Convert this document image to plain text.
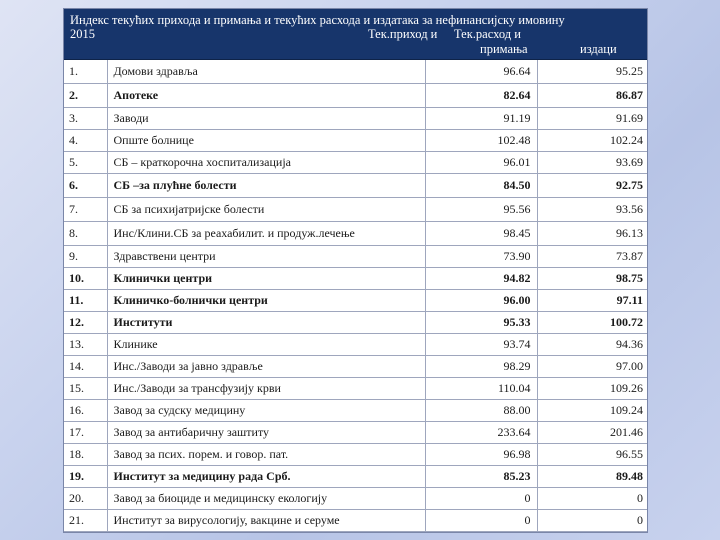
Индекс текућих прихода и примања и текућих расхода и издатака за нефинансијску имовину
2015	Тек.приход и Тек.расход и
примања	издаци
1.	Домови здравља	96.64	95.25
2.	Апотеке	82.64	86.87
3.	Заводи	91.19	91.69
4.	Опште болнице	102.48	102.24
5.	СБ – краткорочна хоспитализација	96.01	93.69
6.	СБ –за плућне болести	84.50	92.75
7.	СБ за психијатријске болести	95.56	93.56
8.	Инс/Клини.СБ за реахабилит. и продуж.лечење	98.45	96.13
9.	Здравствени центри	73.90	73.87
10.	Клинички центри	94.82	98.75
11.	Клиничко-болнички центри	96.00	97.11
12.	Институти	95.33	100.72
13.	Клинике	93.74	94.36
14.	Инс./Заводи за јавно здравље	98.29	97.00
15.	Инс./Заводи за трансфузију крви	110.04	109.26
16.	Завод за судску медицину	88.00	109.24
17.	Завод за антибаричну заштиту	233.64	201.46
18.	Завод за псих. порем. и говор. пат.	96.98	96.55
19.	Институт за медицину рада Срб.	85.23	89.48
20.	Завод за биоциде и медицинску екологију	0	0
21.	Институт за вирусологију, вакцине и серуме	0	0
